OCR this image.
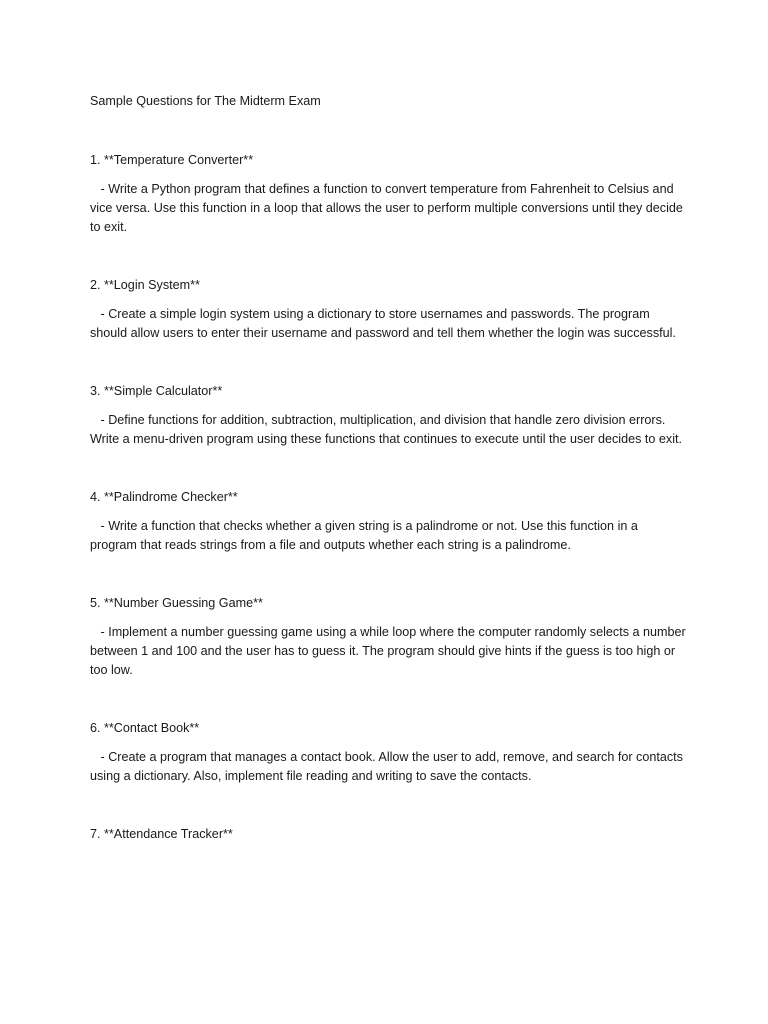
Sample Questions for The Midterm Exam

1. **Temperature Converter**

- Write a Python program that defines a function to convert temperature from Fahrenheit to Celsius and vice versa. Use this function in a loop that allows the user to perform multiple conversions until they decide to exit.

2. **Login System**

- Create a simple login system using a dictionary to store usernames and passwords. The program should allow users to enter their username and password and tell them whether the login was successful.

3. **Simple Calculator**

- Define functions for addition, subtraction, multiplication, and division that handle zero division errors. Write a menu-driven program using these functions that continues to execute until the user decides to exit.

4. **Palindrome Checker**

- Write a function that checks whether a given string is a palindrome or not. Use this function in a program that reads strings from a file and outputs whether each string is a palindrome.

5. **Number Guessing Game**

- Implement a number guessing game using a while loop where the computer randomly selects a number between 1 and 100 and the user has to guess it. The program should give hints if the guess is too high or too low.

6. **Contact Book**

- Create a program that manages a contact book. Allow the user to add, remove, and search for contacts using a dictionary. Also, implement file reading and writing to save the contacts.

7. **Attendance Tracker**
